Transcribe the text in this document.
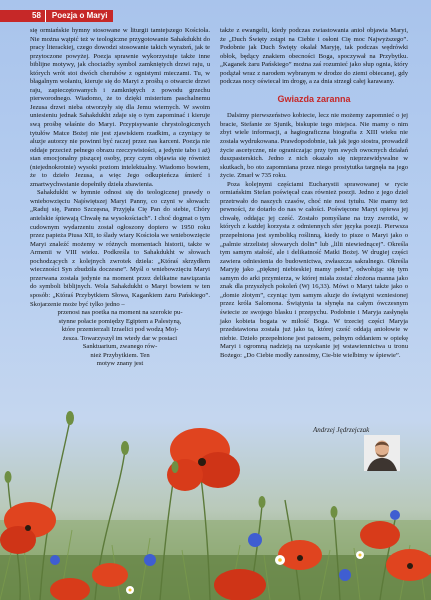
58	Poezja o Maryi

się ormiańskie hymny stosowane w liturgii tamtejszego Kościoła. Nie można wątpić też w teologiczne przygotowanie Sahakdukht do pracy literackiej, czego dowodzi stosowanie takich wyrażeń, jak te przytoczone powyżej. Poezja sprawnie wykorzystuje także inne biblijne motywy, jak chociażby symbol zamkniętych drzwi raju, u których wrót stoi dwóch cherubów z ognistymi mieczami. Tu, w błagalnym wołaniu, kieruje się do Maryi z prośbą o otwarcie drzwi raju, zapieczętowanych i zamkniętych z powodu grzechu pierworodnego. Wiadomo, że to dzięki misterium paschalnemu Jezusa drzwi nieba otworzyły się dla Jemu wiernych. W swoim uniesieniu jednak Sahakdukht zdaje się o tym zapominać i kieruje swą prośbę właśnie do Maryi. Przypisywanie chrystologicznych tytułów Matce Bożej nie jest zjawiskiem rzadkim, a czyniący te aluzje autorzy nie powinni być raczej przez nas karceni. Poezja nie oddaje przecież pełnego obrazu rzeczywistości, a jedynie tabo i aż) stan emocjonalny piszącej osoby, przy czym objawia się również (niejednokrotnie) wysoki poziom intelektualny. Wiadomo bowiem, że to dzieło Jezusa, a więc Jego odkupieńcza śmierć i zmartwychwstanie dopełniły dzieła zbawienia.

Sahakdukht w hymnie odnosi się do teologicznej prawdy o wniebowzięciu Najświętszej Maryi Panny, co czyni w słowach: „Raduj się, Panno Szczęsna, Przyjęła Cię Pan do siebie, Chóry anielskie śpiewają Chwałę na wysokościach”. I choć dogmat o tym cudownym wydarzeniu został ogłoszony dopiero w 1950 roku przez papieża Piusa XII, to ślady wiary Kościoła we wniebowzięcie Maryi znaleźć możemy w różnych momentach historii, także w Armenii w VIII wieku. Podkreśla to Sahakdukht w słowach pochodzących z kolejnych zwrotek dzieła: „Któraś skrzydłem wieczności Syn zbudziła doczesne”. Myśl o wniebowzięciu Maryi przerwana została jedynie na moment przez delikatne nawiązania do symboli biblijnych. Wola Sahakdukht o Maryi bowiem w ten sposób: „Któraś Przybytkiem Słowa, Kagankiem żaru Pańskiego”. Skojarzenie może być tylko jedno –

przenosi nas poetka na moment na szerokie pu-
stynne połacie pomiędzy Egiptem a Palestyną,
które przemierzali Izraelici pod wodzą Moj-
żesza. Towarzyszył im wtedy dar w postaci
Sanktuarium, zwanego rów-
nież Przybytkiem. Ten
motyw znany jest

także z ewangelii, kiedy podczas zwiastowania anioł objawia Maryi, że „Duch Święty zstąpi na Ciebie i osłoni Cię moc Najwyższego”. Podobnie jak Duch Święty okalał Maryję, tak podczas wędrówki obłok, będący znakiem obecności Boga, spoczywał na Przybytku. „Kaganek żaru Pańskiego” można zaś rozumieć jako słup ognia, który podążał wraz z narodem wybranym w drodze do ziemi obiecanej, gdy podczas nocy oświecał im drogę, a za dnia strzegł całej karawany.

Gwiazda zaranna

Dalsimy pierwszeństwo kobiecie, lecz nie możemy zapomnieć o jej bracie, Stefanie ze Sjunik, biskupie tego miejsca. Nie mamy o nim zbyt wiele informacji, a hagiograficzna biografia z XIII wieku nie została wydrukowana. Prawdopodobnie, tak jak jego siostra, prowadził życie ascetyczne, nie ograniczając przy tym swych owocnych działań duszpasterskich. Jedno z nich okazało się nieprzewidywalne w skutkach, bo oto zapomniana przez niego prostytutka targnęła na jego życie. Zmarł w 735 roku.

Poza kolejnymi częściami Eucharystii sprawowanej w rycie ormiańskim Stefan poświęcał czas również poezji. Jedno z jego dzieł przetrwało do naszych czasów, choć nie nosi tytułu. Nie mamy też pewności, że dotarło do nas w całości. Poświęcone Maryi opiewa jej chwałę, oddając jej cześć. Zostało pomyślane na trzy zwrotki, w których z każdej korzysta z odmiennych sfer języka poezji. Pierwsza przepełniona jest symboliką roślinną, kiedy to pisze o Maryi jako o „palmie strzelistej słowarych dolin” lub „lilii niewiednącej”. Określa tym samym stałość, ale i delikatność Matki Bożej. W drugiej części zawiera odniesienia do budownictwa, zwłaszcza sakralnego. Określa Maryję jako „pięknej niebieskiej mamy pełen”, odwołując się tym samym do arki przymierza, w której miała zostać złożona manna jako znak dla przyszłych pokoleń (Wj 16,33). Mówi o Maryi także jako o „domie złotym”, czyniąc tym samym aluzje do świątyni wzniesionej przez króla Salomona. Świątynia ta słynęła na całym ówczesnym świecie ze swojego blasku i przepychu. Podobnie i Maryja zasłynęła jako kobieta bogata w miłość Boga. W trzeciej części Maryja przedstawiona została już jako ta, której cześć oddają aniołowie w niebie. Dzieło przepełnione jest patosem, pełnym oddaniem w opiekę Maryi i ogromną nadzieją na uzyskanie jej wstawiennictwa u tronu Bożego: „Do Ciebie modły zanosimy, Cie-bie wielbimy w śpiewie”.

Andrzej Jędrzejczak
